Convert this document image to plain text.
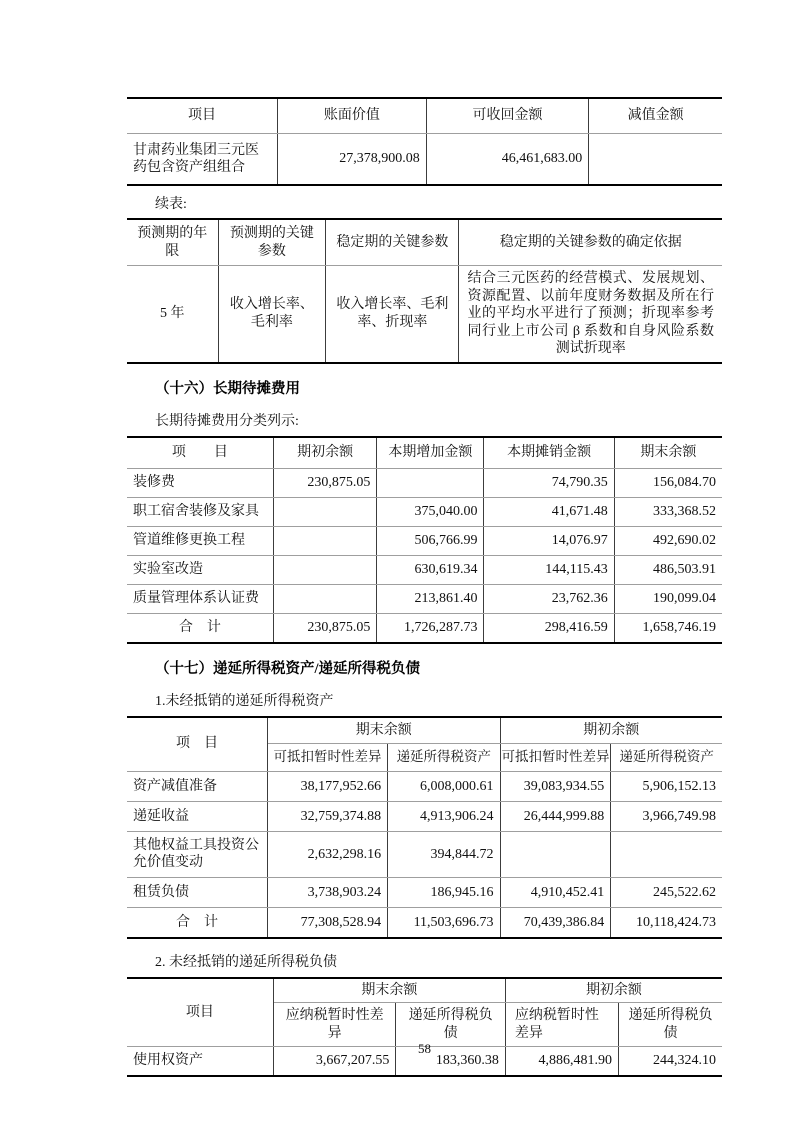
项目	账面价值	可收回金额	减值金额
甘肃药业集团三元医药包含资产组组合	27,378,900.08	46,461,683.00	

续表:

预测期的年限	预测期的关键参数	稳定期的关键参数	稳定期的关键参数的确定依据
5 年	收入增长率、毛利率	收入增长率、毛利率、折现率	结合三元医药的经营模式、发展规划、资源配置、以前年度财务数据及所在行业的平均水平进行了预测；折现率参考同行业上市公司 β 系数和自身风险系数测试折现率
（十六）长期待摊费用

长期待摊费用分类列示:

项　　目	期初余额	本期增加金额	本期摊销金额	期末余额
装修费	230,875.05		74,790.35	156,084.70
职工宿舍装修及家具		375,040.00	41,671.48	333,368.52
管道维修更换工程		506,766.99	14,076.97	492,690.02
实验室改造		630,619.34	144,115.43	486,503.91
质量管理体系认证费		213,861.40	23,762.36	190,099.04
合　计	230,875.05	1,726,287.73	298,416.59	1,658,746.19
（十七）递延所得税资产/递延所得税负债

1.未经抵销的递延所得税资产

项　目	期末余额		期初余额	
	可抵扣暂时性差异	递延所得税资产	可抵扣暂时性差异	递延所得税资产
资产减值准备	38,177,952.66	6,008,000.61	39,083,934.55	5,906,152.13
递延收益	32,759,374.88	4,913,906.24	26,444,999.88	3,966,749.98
其他权益工具投资公允价值变动	2,632,298.16	394,844.72		
租赁负债	3,738,903.24	186,945.16	4,910,452.41	245,522.62
合　计	77,308,528.94	11,503,696.73	70,439,386.84	10,118,424.73

2. 未经抵销的递延所得税负债

项目	期末余额		期初余额	
	应纳税暂时性差异	递延所得税负债	应纳税暂时性差异	递延所得税负债
使用权资产	3,667,207.55	183,360.38	4,886,481.90	244,324.10
58
